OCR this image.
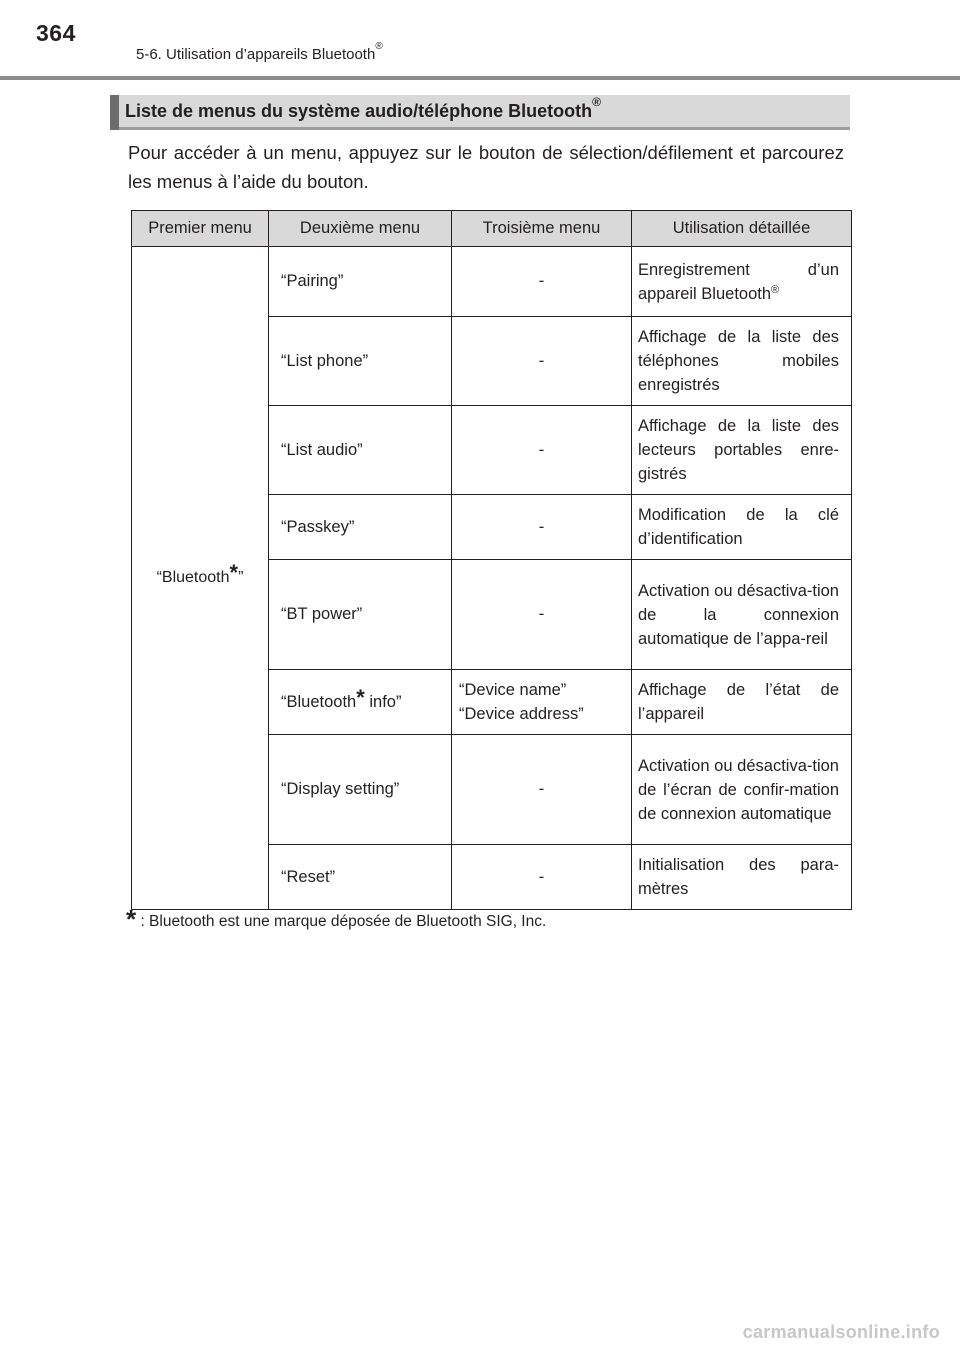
364
5-6. Utilisation d’appareils Bluetooth®
Liste de menus du système audio/téléphone Bluetooth®
Pour accéder à un menu, appuyez sur le bouton de sélection/défilement et parcourez les menus à l’aide du bouton.
Premier menu	Deuxième menu	Troisième menu	Utilisation détaillée
“Bluetooth*”	“Pairing”	-	Enregistrement d’un appareil Bluetooth®
	“List phone”	-	Affichage de la liste des téléphones mobiles enregistrés
	“List audio”	-	Affichage de la liste des lecteurs portables enre-gistrés
	“Passkey”	-	Modification de la clé d’identification
	“BT power”	-	Activation ou désactiva-tion de la connexion automatique de l’appa-reil
	“Bluetooth* info”	“Device name”
“Device address”	Affichage de l’état de l’appareil
	“Display setting”	-	Activation ou désactiva-tion de l’écran de confir-mation de connexion automatique
	“Reset”	-	Initialisation des para-mètres
* : Bluetooth est une marque déposée de Bluetooth SIG, Inc.
carmanualsonline.info
